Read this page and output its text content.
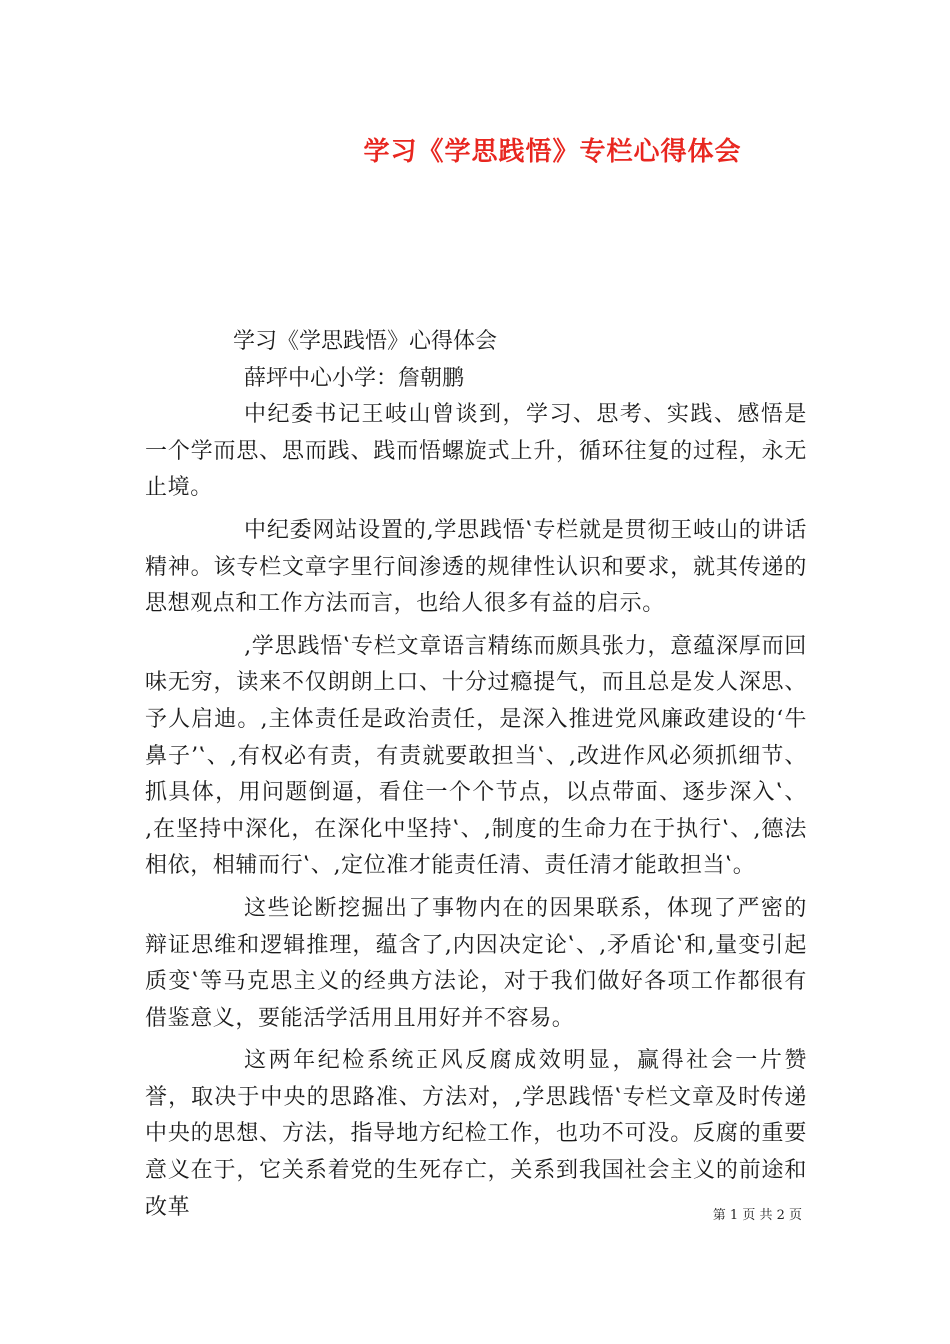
学习《学思践悟》专栏心得体会

学习《学思践悟》心得体会

薛坪中心小学：詹朝鹏

中纪委书记王岐山曾谈到，学习、思考、实践、感悟是一个学而思、思而践、践而悟螺旋式上升，循环往复的过程，永无止境。

中纪委网站设置的‚学思践悟‛专栏就是贯彻王岐山的讲话精神。该专栏文章字里行间渗透的规律性认识和要求，就其传递的思想观点和工作方法而言，也给人很多有益的启示。

‚学思践悟‛专栏文章语言精练而颇具张力，意蕴深厚而回味无穷，读来不仅朗朗上口、十分过瘾提气，而且总是发人深思、予人启迪。‚主体责任是政治责任，是深入推进党风廉政建设的‘牛鼻子’‛、‚有权必有责，有责就要敢担当‛、‚改进作风必须抓细节、抓具体，用问题倒逼，看住一个个节点，以点带面、逐步深入‛、‚在坚持中深化，在深化中坚持‛、‚制度的生命力在于执行‛、‚德法相依，相辅而行‛、‚定位准才能责任清、责任清才能敢担当‛。

这些论断挖掘出了事物内在的因果联系，体现了严密的辩证思维和逻辑推理，蕴含了‚内因决定论‛、‚矛盾论‛和‚量变引起质变‛等马克思主义的经典方法论，对于我们做好各项工作都很有借鉴意义，要能活学活用且用好并不容易。

这两年纪检系统正风反腐成效明显，赢得社会一片赞誉，取决于中央的思路准、方法对，‚学思践悟‛专栏文章及时传递中央的思想、方法，指导地方纪检工作，也功不可没。反腐的重要意义在于，它关系着党的生死存亡，关系到我国社会主义的前途和改革	第 1 页 共 2 页
